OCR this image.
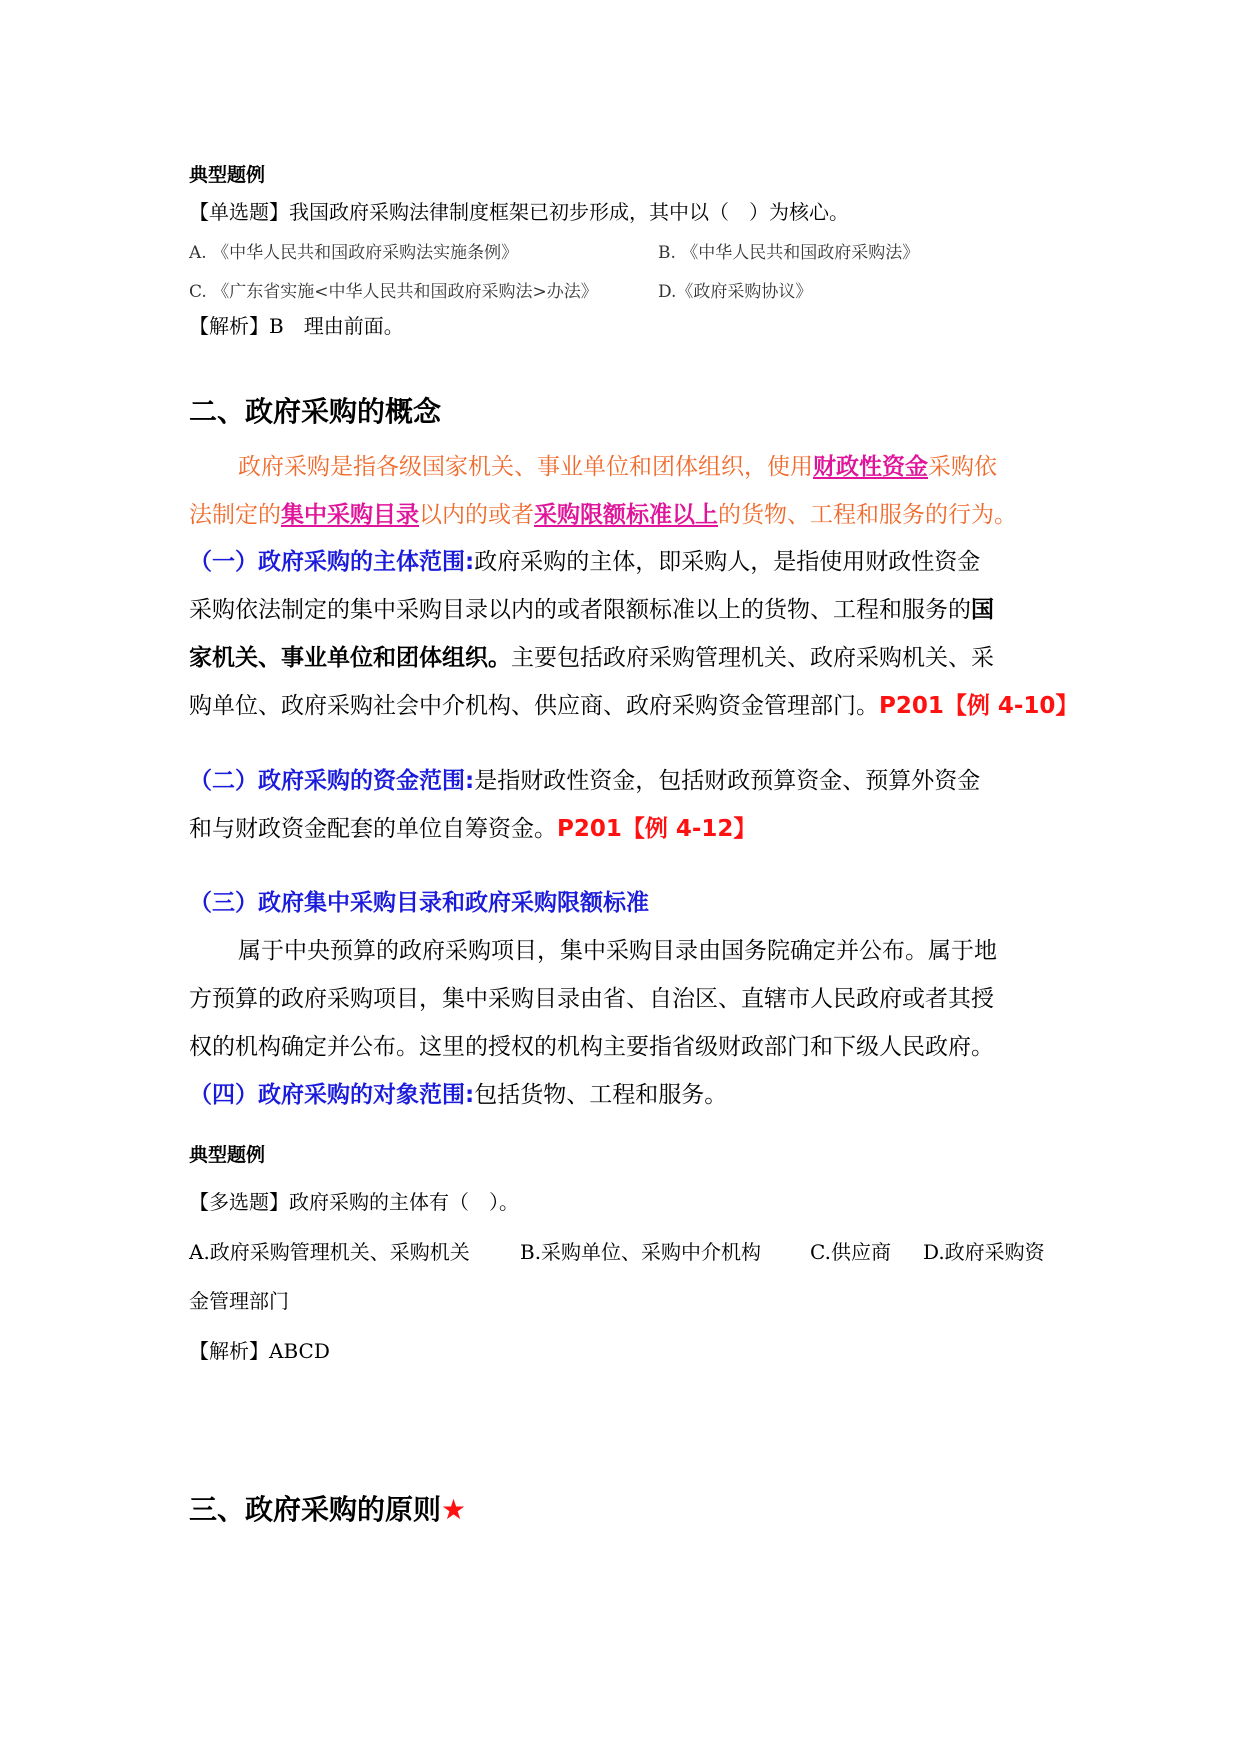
典型题例
【单选题】我国政府采购法律制度框架已初步形成，其中以（　）为核心。
A. 《中华人民共和国政府采购法实施条例》	B. 《中华人民共和国政府采购法》
C. 《广东省实施<中华人民共和国政府采购法>办法》	D.《政府采购协议》
【解析】B　理由前面。
二、政府采购的概念
政府采购是指各级国家机关、事业单位和团体组织，使用财政性资金采购依
法制定的集中采购目录以内的或者采购限额标准以上的货物、工程和服务的行为。
（一）政府采购的主体范围:政府采购的主体，即采购人，是指使用财政性资金
采购依法制定的集中采购目录以内的或者限额标准以上的货物、工程和服务的国
家机关、事业单位和团体组织。主要包括政府采购管理机关、政府采购机关、采
购单位、政府采购社会中介机构、供应商、政府采购资金管理部门。P201【例 4-10】
（二）政府采购的资金范围:是指财政性资金，包括财政预算资金、预算外资金
和与财政资金配套的单位自筹资金。P201【例 4-12】
（三）政府集中采购目录和政府采购限额标准
属于中央预算的政府采购项目，集中采购目录由国务院确定并公布。属于地
方预算的政府采购项目，集中采购目录由省、自治区、直辖市人民政府或者其授
权的机构确定并公布。这里的授权的机构主要指省级财政部门和下级人民政府。
（四）政府采购的对象范围:包括货物、工程和服务。
典型题例
【多选题】政府采购的主体有（　）。
A.政府采购管理机关、采购机关	B.采购单位、采购中介机构 C.供应商 D.政府采购资
金管理部门
【解析】ABCD
三、政府采购的原则★
